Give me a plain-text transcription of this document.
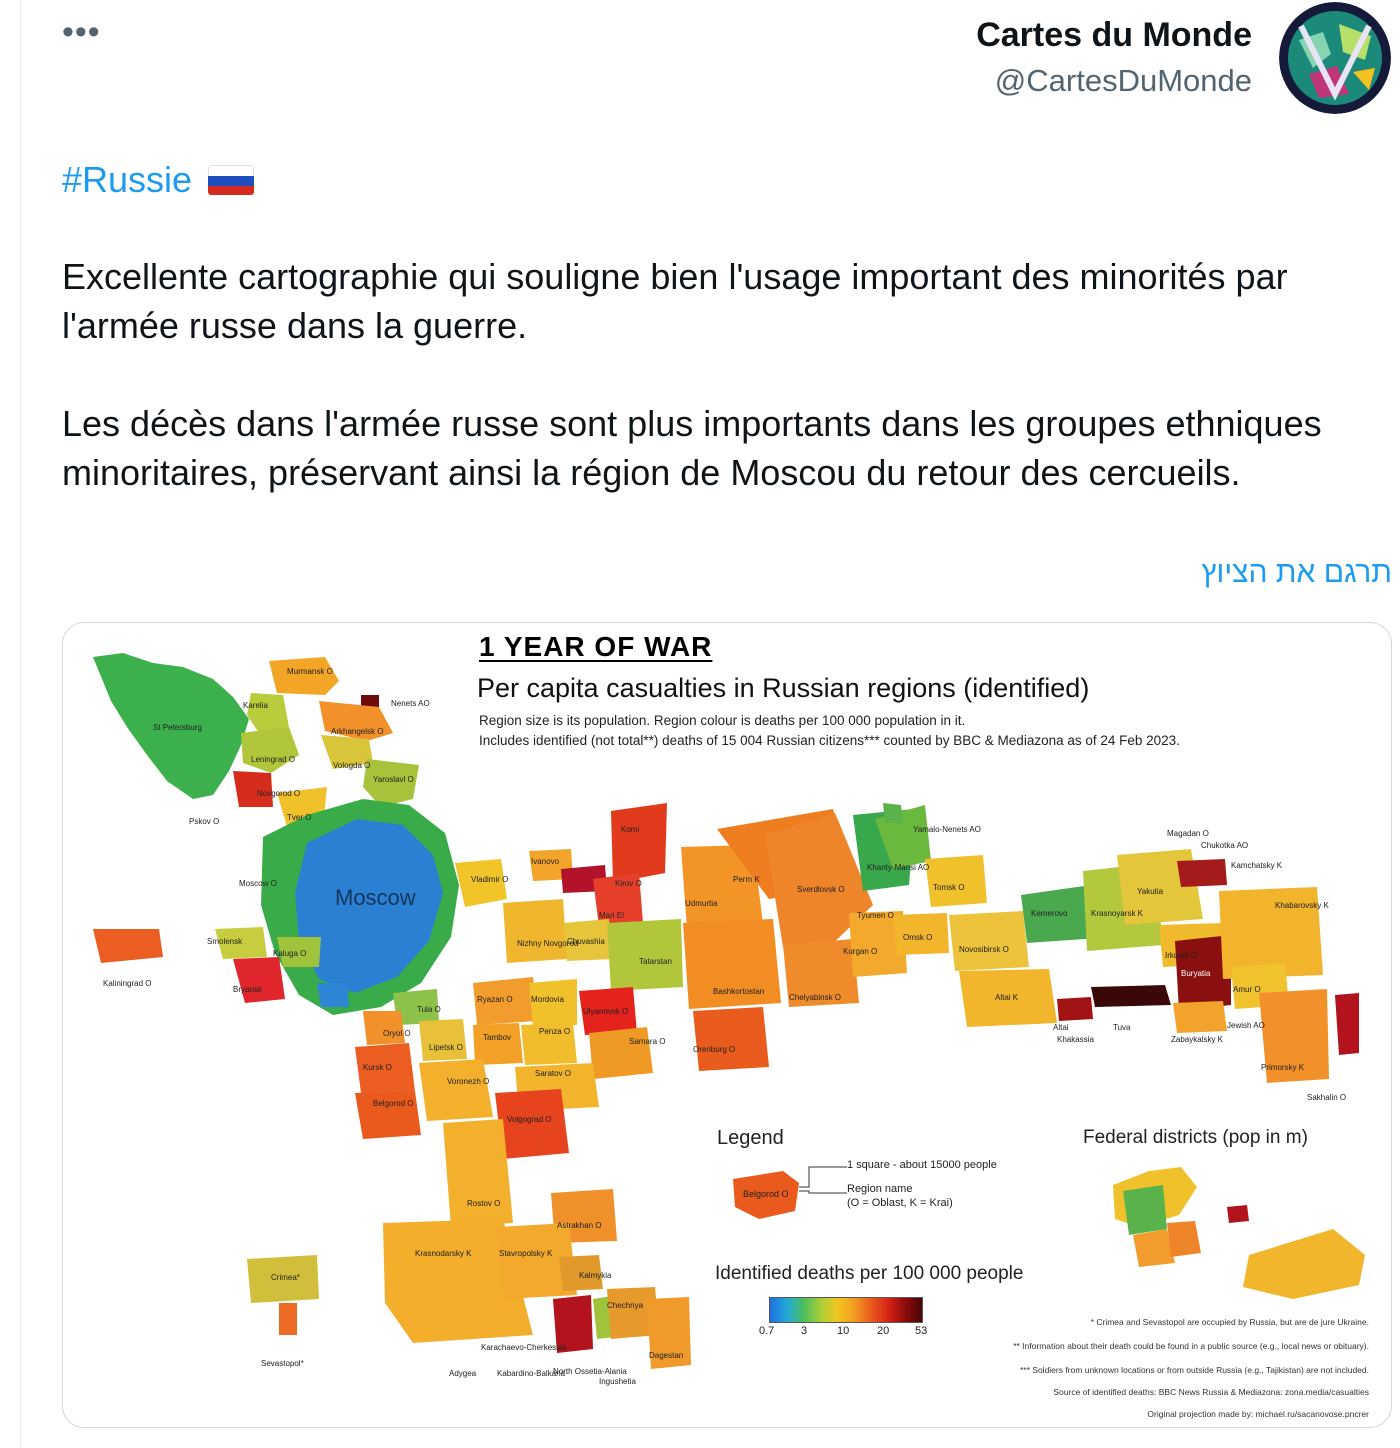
•••	Cartes du Monde
@CartesDuMonde
#Russie

Excellente cartographie qui souligne bien l'usage important des minorités par l'armée russe dans la guerre.

Les décès dans l'armée russe sont plus importants dans les groupes ethniques minoritaires, préservant ainsi la région de Moscou du retour des cercueils.

תרגם את הציוץ
1 YEAR OF WAR
Per capita casualties in Russian regions (identified)
Region size is its population. Region colour is deaths per 100 000 population in it.
Includes identified (not total**) deaths of 15 004 Russian citizens*** counted by BBC & Mediazona as of 24 Feb 2023.
Moscow
Murmansk O
Karelia	Nenets AO
St Petersburg	Arkhangelsk O
Leningrad O
Vologda O
Yaroslavl O
Novgorod O
Pskov O	Tver O
Komi
Ivanovo
Vladimir O	Kirov O
Moscow O
Mari El
Smolensk
Kaluga O
Bryansk
Kaliningrad O
Nizhny Novgorod
Chuvashia
Tatarstan
Tula O
Ryazan O Mordovia
Ulyanovsk O
Oryol O
Lipetsk O
Tambov
Penza O
Samara O
Kursk O
Voronezh O
Saratov O
Belgorod O
Volgograd O
Udmurtia
Perm K
Sverdlovsk O
Bashkortostan
Chelyabinsk O
Orenburg O
Kurgan O
Tyumen O
Khanty-Mansi AO
Yamalo-Nenets AO
Tomsk O
Omsk O
Novosibirsk O
Altai K
Altai
Khakassia
Tuva
Kemerovo	Krasnoyarsk K
Yakutia
Irkutsk O
Buryatia
Zabaykalsky K
Magadan O
Chukotka AO
Kamchatsky K
Khabarovsky K
Amur O
Jewish AO
Primorsky K
Sakhalin O
Rostov O
Astrakhan O
Krasnodarsky K	Stavropolsky K
Kalmykia
Chechnya
Dagestan
Crimea*
Sevastopol*
Adygea
Karachaevo-Cherkessia
Kabardino-Balkaria
North Ossetia-Alania
Ingushetia
Legend
Belgorod O
1 square - about 15000 people
Region name
(O = Oblast, K = Krai)
Federal districts (pop in m)
Identified deaths per 100 000 people
0.7 3	10	20 53
* Crimea and Sevastopol are occupied by Russia, but are de jure Ukraine.
** Information about their death could be found in a public source (e.g., local news or obituary).
*** Soldiers from unknown locations or from outside Russia (e.g., Tajikistan) are not included.
Source of identified deaths: BBC News Russia & Mediazona: zona.media/casualties
Original projection made by: michael.ru/sacanovose.pncrer
